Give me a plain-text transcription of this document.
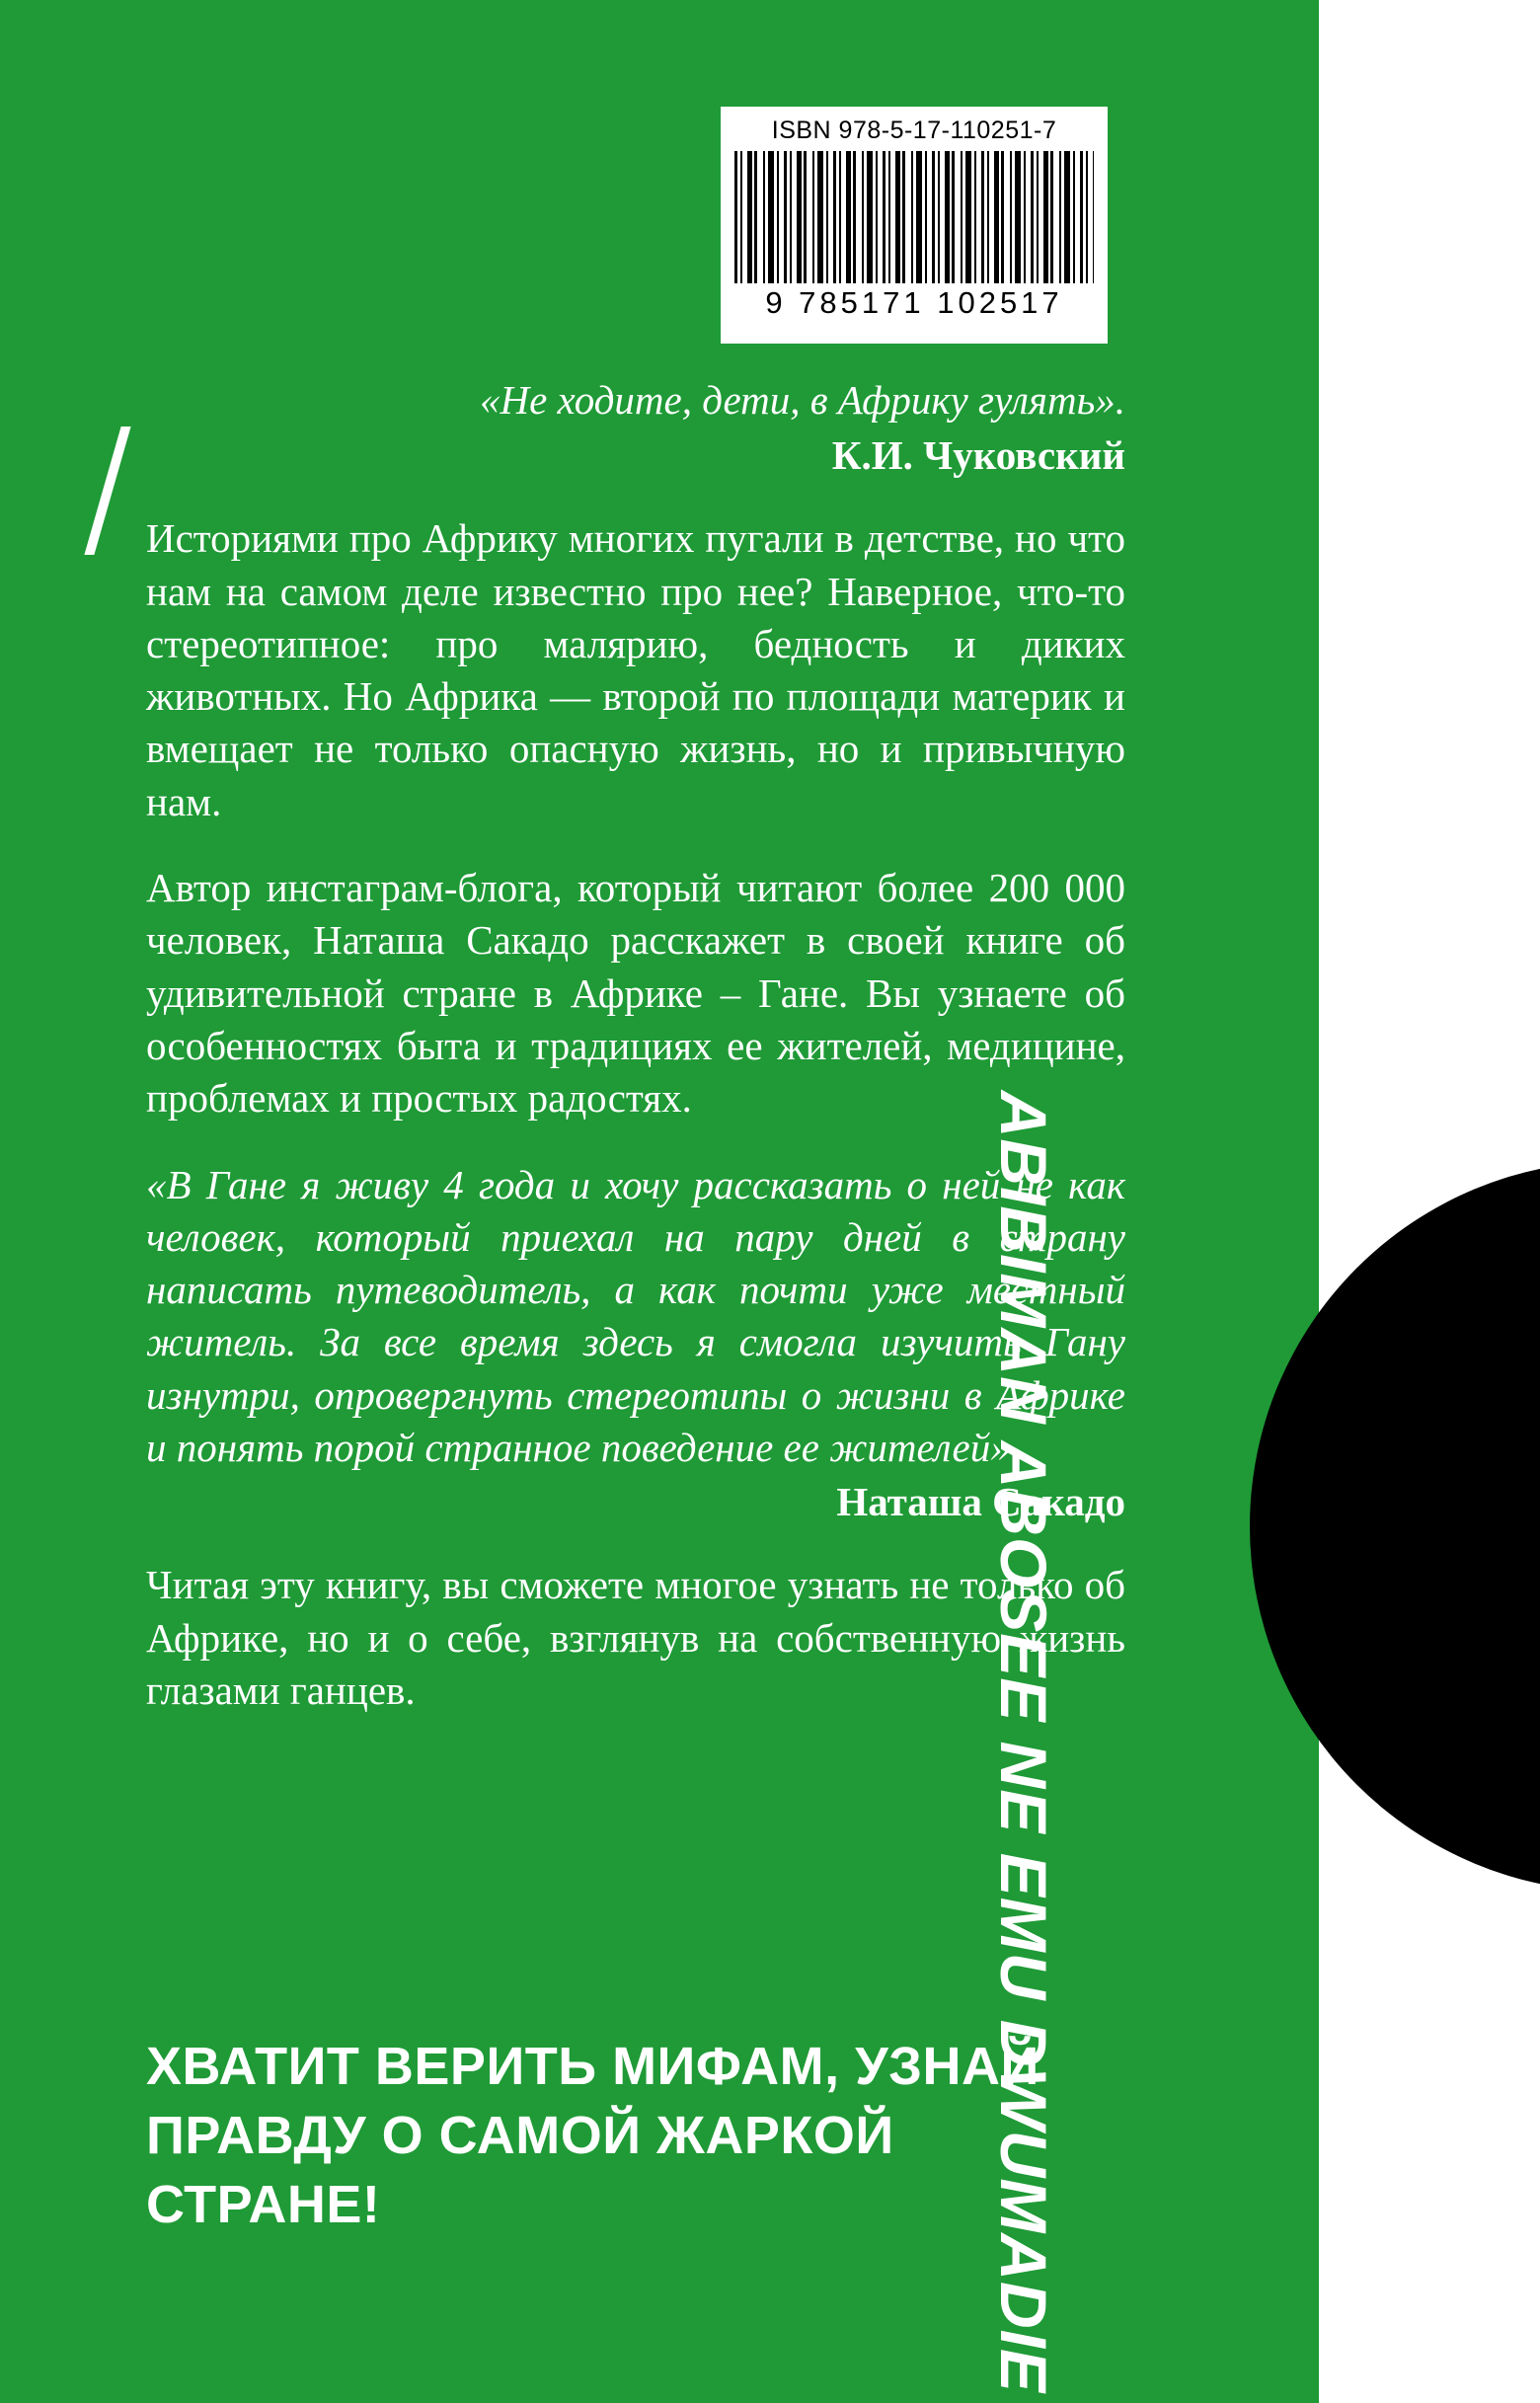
ABIBIMAN ABOSEE NE EMU DWUMADIE
ISBN 978-5-17-110251-7
9 785171 102517

«Не ходите, дети, в Африку гулять».

К.И. Чуковский

Историями про Африку многих пугали в детстве, но что нам на самом деле известно про нее? Наверное, что-то стереотипное: про малярию, бедность и диких животных. Но Африка — второй по площади материк и вмещает не только опасную жизнь, но и привычную нам.

Автор инстаграм-блога, который читают более 200 000 человек, Наташа Сакадо расскажет в своей книге об удивительной стране в Африке – Гане. Вы узнаете об особенностях быта и традициях ее жителей, медицине, проблемах и простых радостях.

«В Гане я живу 4 года и хочу рассказать о ней не как человек, который приехал на пару дней в страну написать путеводитель, а как почти уже местный житель. За все время здесь я смогла изучить Гану изнутри, опровергнуть стереотипы о жизни в Африке и понять порой странное поведение ее жителей».

Наташа Сакадо

Читая эту книгу, вы сможете многое узнать не только об Африке, но и о себе, взглянув на собственную жизнь глазами ганцев.

ХВАТИТ ВЕРИТЬ МИФАМ, УЗНАЙ ПРАВДУ О САМОЙ ЖАРКОЙ СТРАНЕ!
